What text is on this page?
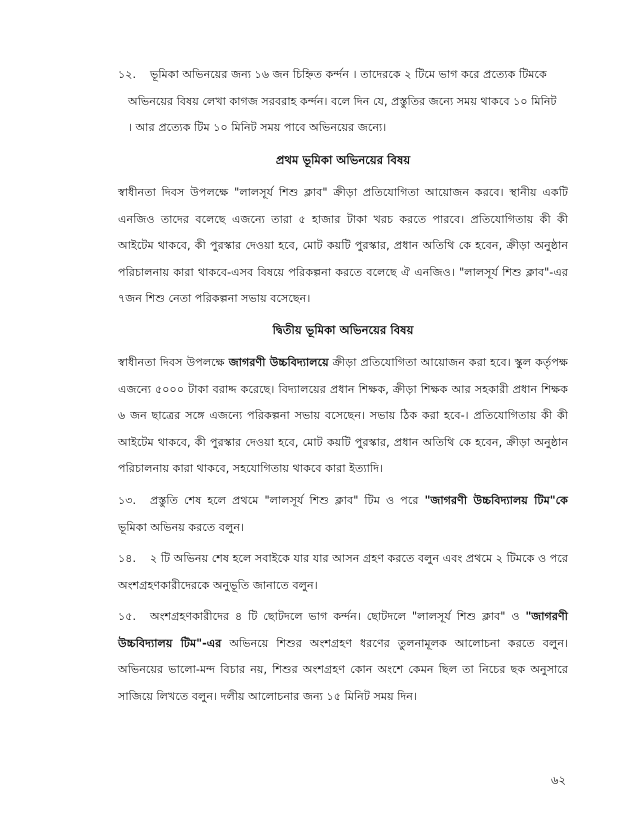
১২. ভূমিকা অভিনয়ের জন্য ১৬ জন চিহ্নিত কর্ন্দন । তাদেরকে ২ টিমে ভাগ করে প্রত্যেক টিমকে
অভিনয়ের বিষয় লেখা কাগজ সরবরাহ কর্ন্দন। বলে দিন যে, প্রস্তুতির জন্যে সময় থাকবে ১০ মিনিট
। আর প্রত্যেক টিম ১০ মিনিট সময় পাবে অভিনয়ের জন্যে।
প্রথম ভূমিকা অভিনয়ের বিষয়
স্বাধীনতা দিবস উপলক্ষে "লালসূর্য শিশু ক্লাব" ক্রীড়া প্রতিযোগিতা আয়োজন করবে। স্থানীয় একটি এনজিও তাদের বলেছে এজন্যে তারা ৫ হাজার টাকা খরচ করতে পারবে। প্রতিযোগিতায় কী কী আইটেম থাকবে, কী পুরস্কার দেওয়া হবে, মোট কয়টি পুরস্কার, প্রধান অতিথি কে হবেন, ক্রীড়া অনুষ্ঠান পরিচালনায় কারা থাকবে-এসব বিষয়ে পরিকল্পনা করতে বলেছে ঐ এনজিও। "লালসূর্য শিশু ক্লাব"-এর ৭জন শিশু নেতা পরিকল্পনা সভায় বসেছেন।
দ্বিতীয় ভূমিকা অভিনয়ের বিষয়
স্বাধীনতা দিবস উপলক্ষে জাগরণী উচ্চবিদ্যালয়ে ক্রীড়া প্রতিযোগিতা আয়োজন করা হবে। স্কুল কর্তৃপক্ষ এজন্যে ৫০০০ টাকা বরাদ্দ করেছে। বিদ্যালয়ের প্রধান শিক্ষক, ক্রীড়া শিক্ষক আর সহকারী প্রধান শিক্ষক ৬ জন ছাত্রের সঙ্গে এজন্যে পরিকল্পনা সভায় বসেছেন। সভায় ঠিক করা হবে-। প্রতিযোগিতায় কী কী আইটেম থাকবে, কী পুরস্কার দেওয়া হবে, মোট কয়টি পুরস্কার, প্রধান অতিথি কে হবেন, ক্রীড়া অনুষ্ঠান পরিচালনায় কারা থাকবে, সহযোগিতায় থাকবে কারা ইত্যাদি।
১৩. প্রস্তুতি শেষ হলে প্রথমে "লালসূর্য শিশু ক্লাব" টিম ও পরে "জাগরণী উচ্চবিদ্যালয় টিম"কে ভূমিকা অভিনয় করতে বলুন।
১৪. ২ টি অভিনয় শেষ হলে সবাইকে যার যার আসন গ্রহণ করতে বলুন এবং প্রথমে ২ টিমকে ও পরে অংশগ্রহণকারীদেরকে অনুভূতি জানাতে বলুন।
১৫. অংশগ্রহণকারীদের ৪ টি ছোটদলে ভাগ কর্ন্দন। ছোটদলে "লালসূর্য শিশু ক্লাব" ও "জাগরণী উচ্চবিদ্যালয় টিম"-এর অভিনয়ে শিশুর অংশগ্রহণ ধরণের তুলনামূলক আলোচনা করতে বলুন। অভিনয়ের ভালো-মন্দ বিচার নয়, শিশুর অংশগ্রহণ কোন অংশে কেমন ছিল তা নিচের ছক অনুসারে সাজিয়ে লিখতে বলুন। দলীয় আলোচনার জন্য ১৫ মিনিট সময় দিন।
৬২
